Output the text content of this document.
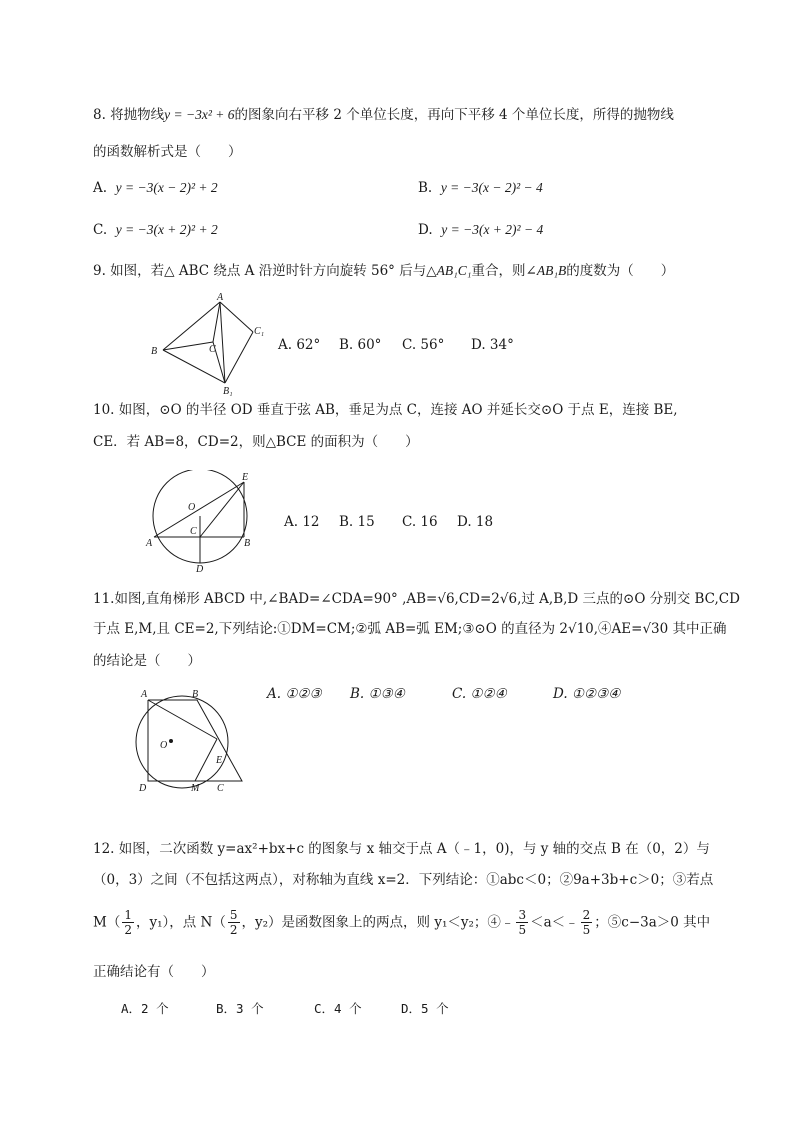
8. 将抛物线y = −3x² + 6的图象向右平移 2 个单位长度，再向下平移 4 个单位长度，所得的抛物线
的函数解析式是（　　）
A. y = −3(x − 2)² + 2	B. y = −3(x − 2)² − 4
C. y = −3(x + 2)² + 2	D. y = −3(x + 2)² − 4
9. 如图，若△ ABC 绕点 A 沿逆时针方向旋转 56° 后与△AB₁C₁重合，则∠AB₁B的度数为（　　）
A
B	C
C₁
B₁
A. 62° B. 60° C. 56° D. 34°
10. 如图，⊙O 的半径 OD 垂直于弦 AB，垂足为点 C，连接 AO 并延长交⊙O 于点 E，连接 BE,
CE．若 AB=8，CD=2，则△BCE 的面积为（　　）
O
E
A
C
B
D
A. 12 B. 15 C. 16 D. 18
11.如图,直角梯形 ABCD 中,∠BAD=∠CDA=90° ,AB=√6,CD=2√6,过 A,B,D 三点的⊙O 分别交 BC,CD
于点 E,M,且 CE=2,下列结论:①DM=CM;②弧 AB=弧 EM;③⊙O 的直径为 2√10,④AE=√30 其中正确
的结论是（　　）
A	B
O
E
D	M C
A. ①②③ B. ①③④	C. ①②④	D. ①②③④
12. 如图，二次函数 y=ax²+bx+c 的图象与 x 轴交于点 A（﹣1，0)，与 y 轴的交点 B 在（0，2）与
（0，3）之间（不包括这两点），对称轴为直线 x=2．下列结论：①abc＜0；②9a+3b+c＞0；③若点
$M( \frac{1}{2}$ ，y₁），点 $N( \frac{5}{2}$ ，y₂）是函数图象上的两点，则 y₁＜y₂；④﹣ $\frac{3}{5}$ ＜a＜﹣ $\frac{2}{5}$ ；⑤c−3a＞0 其中
正确结论有（　　）
A．2 个	B．3 个	C．4 个	D．5 个
